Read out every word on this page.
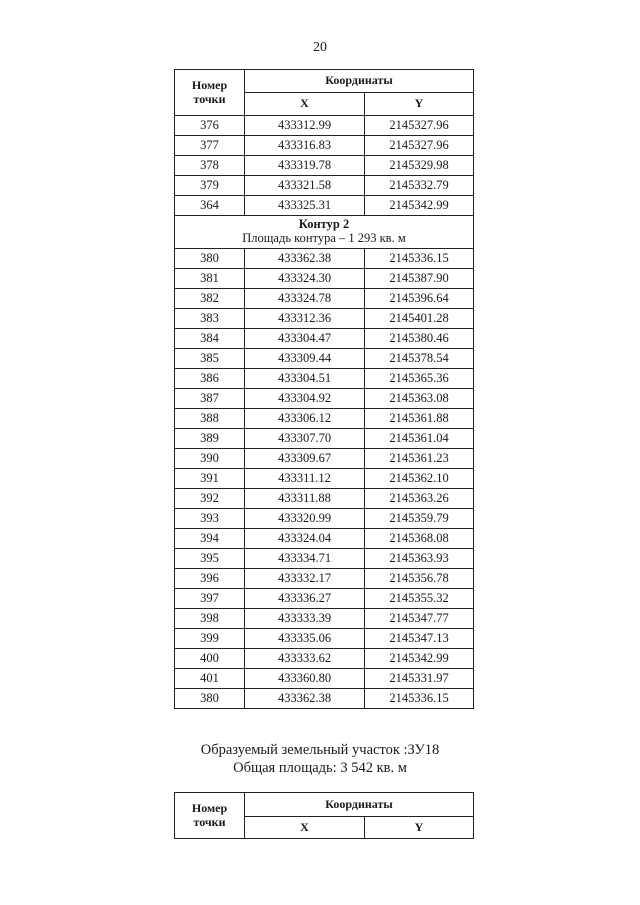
20
Номер точки	Координаты	
	X	Y
376	433312.99	2145327.96
377	433316.83	2145327.96
378	433319.78	2145329.98
379	433321.58	2145332.79
364	433325.31	2145342.99

Контур 2
Площадь контура – 1 293 кв. м		

380	433362.38	2145336.15
381	433324.30	2145387.90
382	433324.78	2145396.64
383	433312.36	2145401.28
384	433304.47	2145380.46
385	433309.44	2145378.54
386	433304.51	2145365.36
387	433304.92	2145363.08
388	433306.12	2145361.88
389	433307.70	2145361.04
390	433309.67	2145361.23
391	433311.12	2145362.10
392	433311.88	2145363.26
393	433320.99	2145359.79
394	433324.04	2145368.08
395	433334.71	2145363.93
396	433332.17	2145356.78
397	433336.27	2145355.32
398	433333.39	2145347.77
399	433335.06	2145347.13
400	433333.62	2145342.99
401	433360.80	2145331.97
380	433362.38	2145336.15
Образуемый земельный участок :ЗУ18
Общая площадь: 3 542 кв. м
Номер точки	Координаты	
	X	Y
